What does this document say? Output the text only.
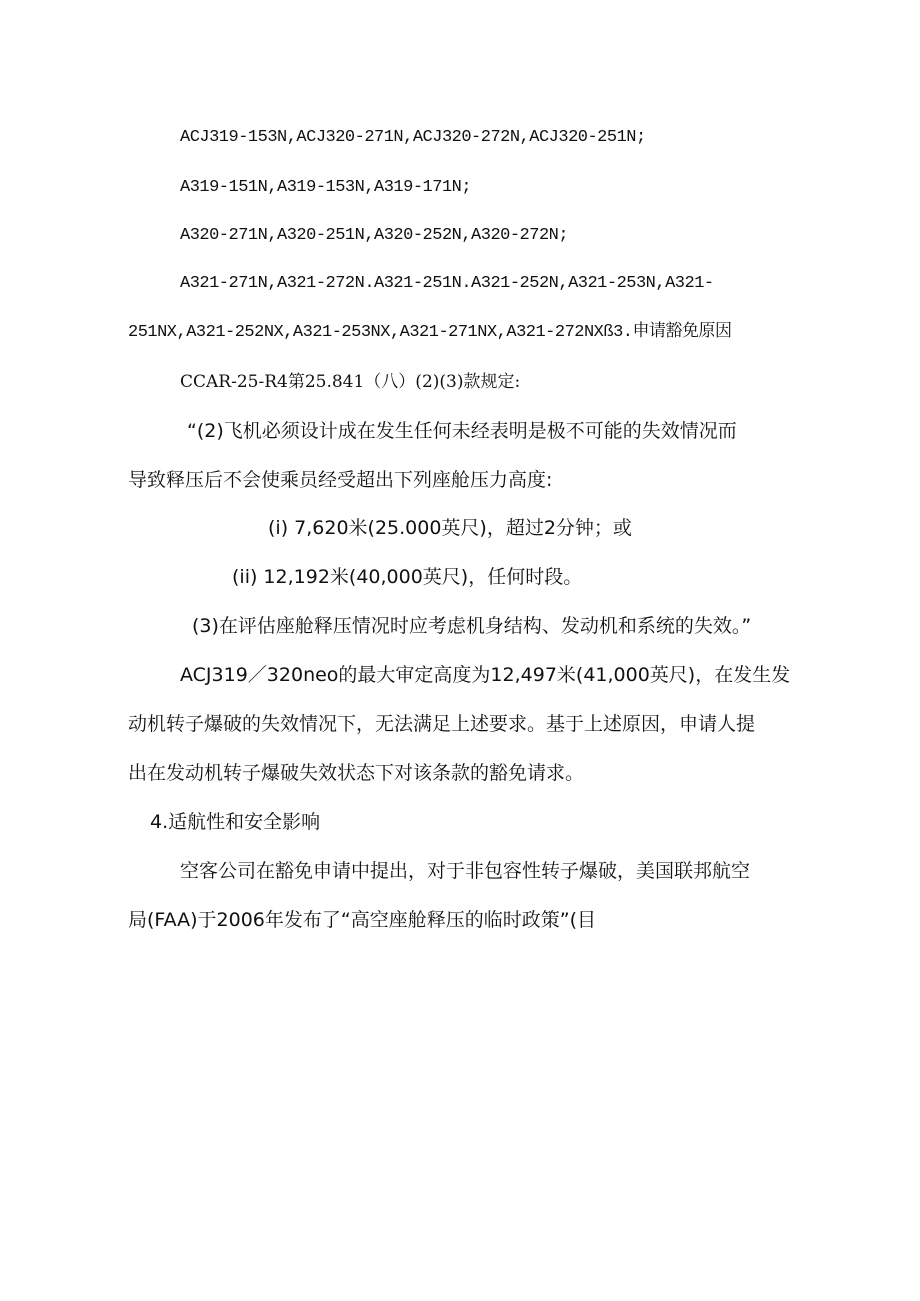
ACJ319-153N,ACJ320-271N,ACJ320-272N,ACJ320-251N;

A319-151N,A319-153N,A319-171N;

A320-271N,A320-251N,A320-252N,A320-272N;

A321-271N,A321-272N.A321-251N.A321-252N,A321-253N,A321-

251NX,A321-252NX,A321-253NX,A321-271NX,A321-272NXß3.申请豁免原因

CCAR-25-R4第25.841（八）(2)(3)款规定:

“(2)飞机必须设计成在发生任何未经表明是极不可能的失效情况而

导致释压后不会使乘员经受超出下列座舱压力高度:

(i) 7,620米(25.000英尺)，超过2分钟；或

(ii) 12,192米(40,000英尺)，任何时段。

(3)在评估座舱释压情况时应考虑机身结构、发动机和系统的失效。”

ACJ319／320neo的最大审定高度为12,497米(41,000英尺)，在发生发

动机转子爆破的失效情况下，无法满足上述要求。基于上述原因，申请人提

出在发动机转子爆破失效状态下对该条款的豁免请求。

4.适航性和安全影响

空客公司在豁免申请中提出，对于非包容性转子爆破，美国联邦航空

局(FAA)于2006年发布了“高空座舱释压的临时政策”(目
